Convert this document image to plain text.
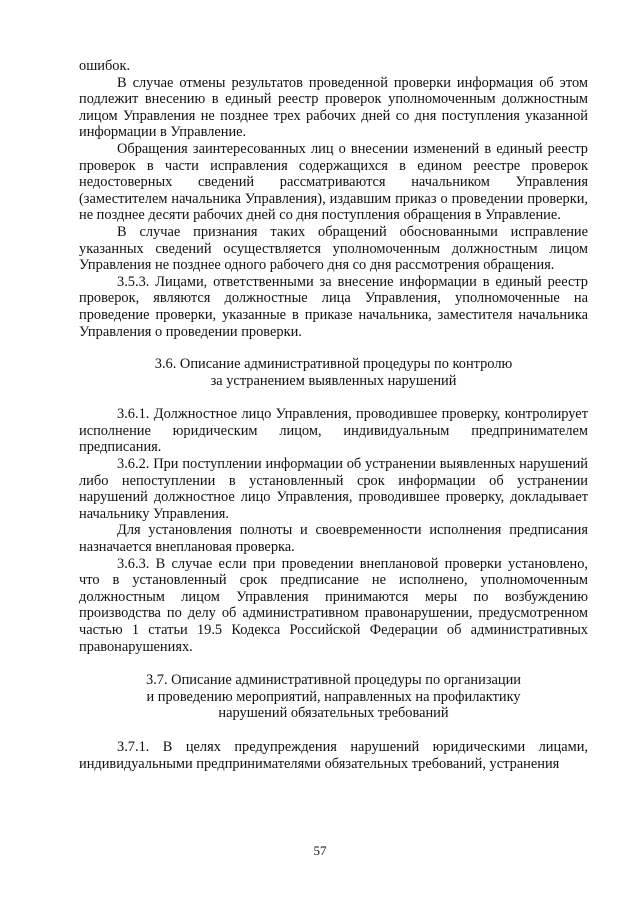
ошибок.

В случае отмены результатов проведенной проверки информация об этом подлежит внесению в единый реестр проверок уполномоченным должностным лицом Управления не позднее трех рабочих дней со дня поступления указанной информации в Управление.

Обращения заинтересованных лиц о внесении изменений в единый реестр проверок в части исправления содержащихся в едином реестре проверок недостоверных сведений рассматриваются начальником Управления (заместителем начальника Управления), издавшим приказ о проведении проверки, не позднее десяти рабочих дней со дня поступления обращения в Управление.

В случае признания таких обращений обоснованными исправление указанных сведений осуществляется уполномоченным должностным лицом Управления не позднее одного рабочего дня со дня рассмотрения обращения.

3.5.3. Лицами, ответственными за внесение информации в единый реестр проверок, являются должностные лица Управления, уполномоченные на проведение проверки, указанные в приказе начальника, заместителя начальника Управления о проведении проверки.

3.6. Описание административной процедуры по контролю
за устранением выявленных нарушений

3.6.1. Должностное лицо Управления, проводившее проверку, контролирует исполнение юридическим лицом, индивидуальным предпринимателем предписания.

3.6.2. При поступлении информации об устранении выявленных нарушений либо непоступлении в установленный срок информации об устранении нарушений должностное лицо Управления, проводившее проверку, докладывает начальнику Управления.

Для установления полноты и своевременности исполнения предписания назначается внеплановая проверка.

3.6.3. В случае если при проведении внеплановой проверки установлено, что в установленный срок предписание не исполнено, уполномоченным должностным лицом Управления принимаются меры по возбуждению производства по делу об административном правонарушении, предусмотренном частью 1 статьи 19.5 Кодекса Российской Федерации об административных правонарушениях.

3.7. Описание административной процедуры по организации
и проведению мероприятий, направленных на профилактику
нарушений обязательных требований

3.7.1. В целях предупреждения нарушений юридическими лицами, индивидуальными предпринимателями обязательных требований, устранения

57
